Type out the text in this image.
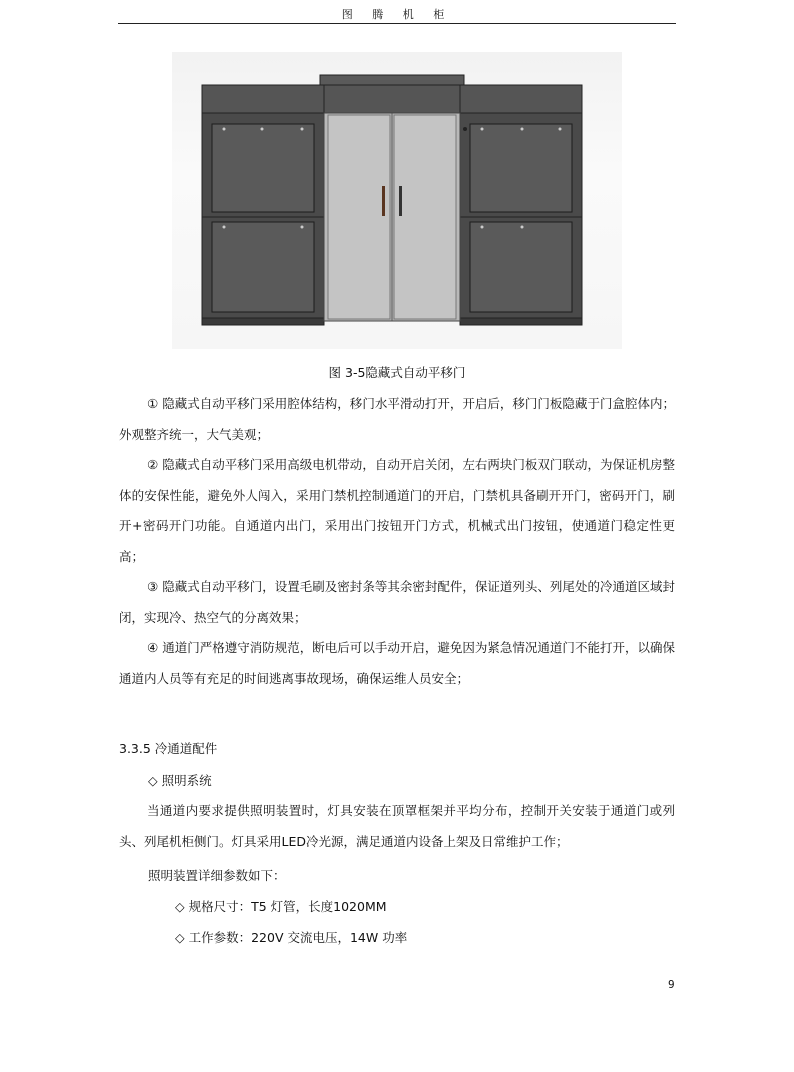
图 腾 机 柜
图 3-5隐藏式自动平移门
① 隐藏式自动平移门采用腔体结构，移门水平滑动打开，开启后，移门门板隐藏于门盒腔体内；外观整齐统一，大气美观；
② 隐藏式自动平移门采用高级电机带动，自动开启关闭，左右两块门板双门联动，为保证机房整体的安保性能，避免外人闯入，采用门禁机控制通道门的开启，门禁机具备刷开开门，密码开门，刷开+密码开门功能。自通道内出门，采用出门按钮开门方式，机械式出门按钮，使通道门稳定性更高；
③ 隐藏式自动平移门，设置毛刷及密封条等其余密封配件，保证道列头、列尾处的冷通道区域封闭，实现冷、热空气的分离效果；
④ 通道门严格遵守消防规范，断电后可以手动开启，避免因为紧急情况通道门不能打开，以确保通道内人员等有充足的时间逃离事故现场，确保运维人员安全；
3.3.5 冷通道配件
◇ 照明系统
当通道内要求提供照明装置时，灯具安装在顶罩框架并平均分布，控制开关安装于通道门或列头、列尾机柜侧门。灯具采用LED冷光源，满足通道内设备上架及日常维护工作；
照明装置详细参数如下：
◇ 规格尺寸：T5 灯管，长度1020MM
◇ 工作参数：220V 交流电压，14W 功率
9
